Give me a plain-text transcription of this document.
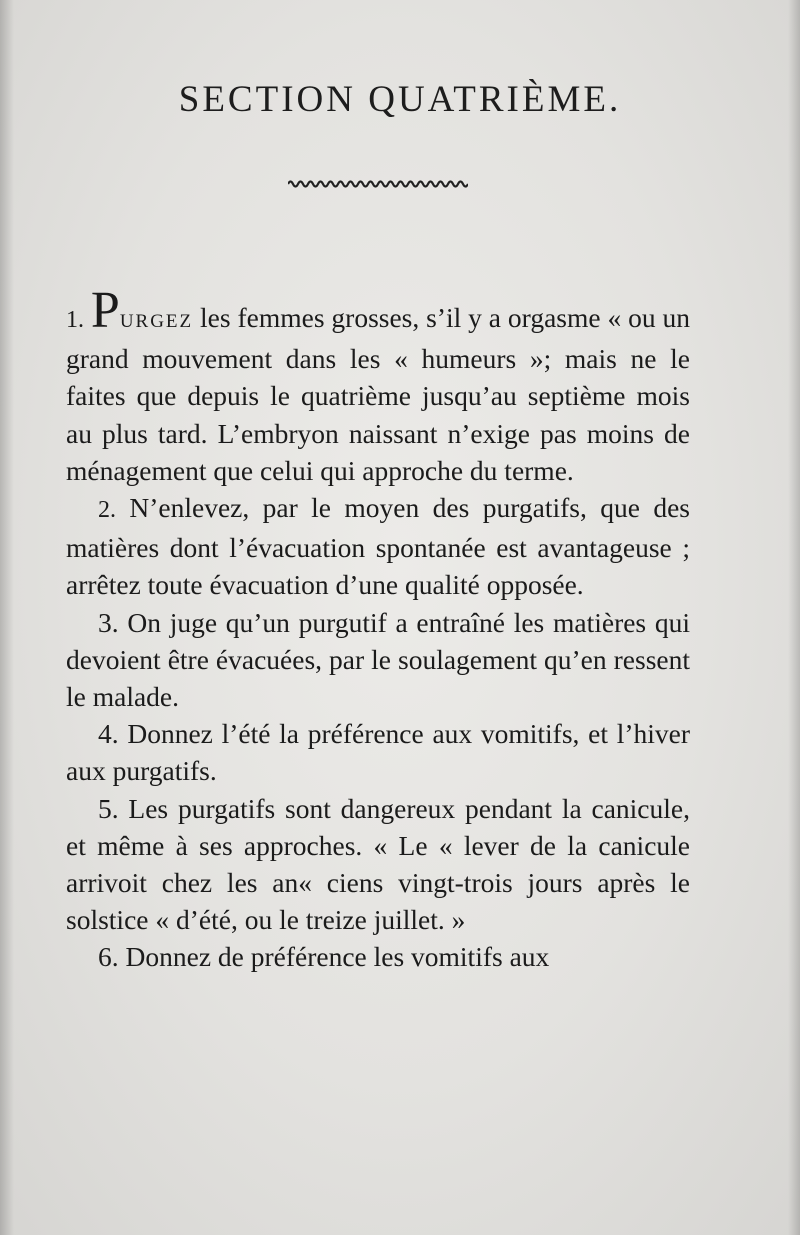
SECTION QUATRIÈME.

1. PURGEZ les femmes grosses, s’il y a orgasme « ou un grand mouvement dans les « humeurs »; mais ne le faites que depuis le quatrième jusqu’au septième mois au plus tard. L’embryon naissant n’exige pas moins de ménagement que celui qui approche du terme.

2. N’enlevez, par le moyen des purgatifs, que des matières dont l’évacuation spontanée est avantageuse ; arrêtez toute évacuation d’une qualité opposée.

3. On juge qu’un purgutif a entraîné les matières qui devoient être évacuées, par le soulagement qu’en ressent le malade.

4. Donnez l’été la préférence aux vomitifs, et l’hiver aux purgatifs.

5. Les purgatifs sont dangereux pendant la canicule, et même à ses approches. « Le « lever de la canicule arrivoit chez les an« ciens vingt-trois jours après le solstice « d’été, ou le treize juillet. »

6. Donnez de préférence les vomitifs aux
